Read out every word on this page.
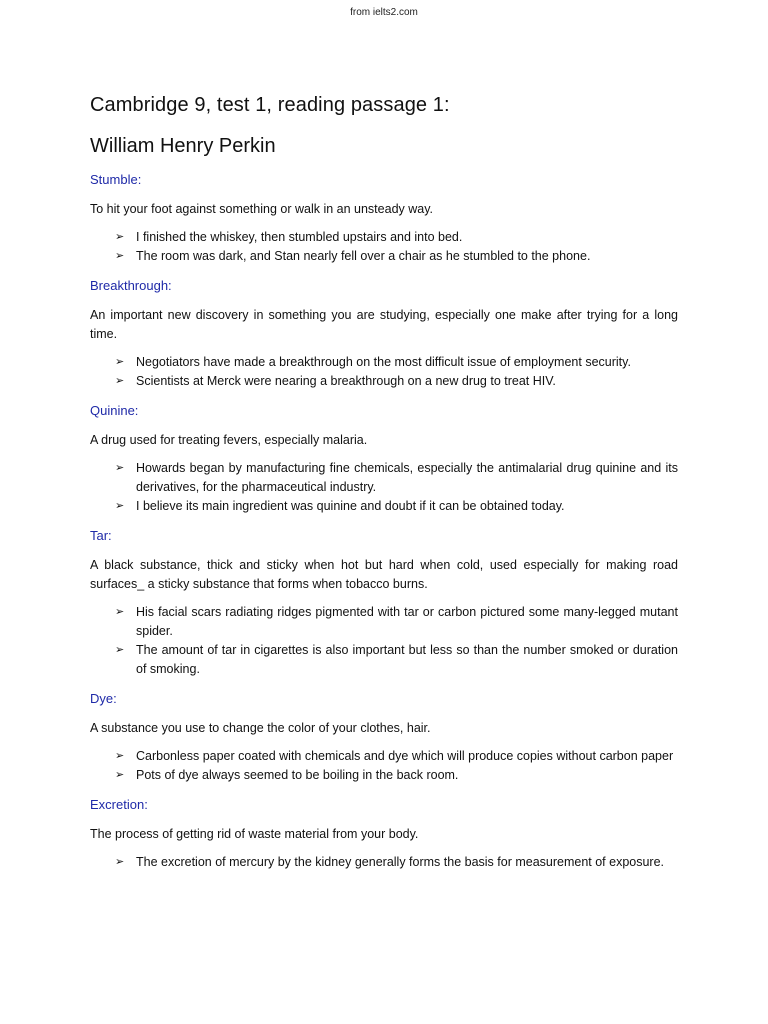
from ielts2.com
Cambridge 9, test 1, reading passage 1:
William Henry Perkin
Stumble:

To hit your foot against something or walk in an unsteady way.

➢ I finished the whiskey, then stumbled upstairs and into bed.
➢ The room was dark, and Stan nearly fell over a chair as he stumbled to the phone.
Breakthrough:

An important new discovery in something you are studying, especially one make after trying for a long time.

➢ Negotiators have made a breakthrough on the most difficult issue of employment security.
➢ Scientists at Merck were nearing a breakthrough on a new drug to treat HIV.
Quinine:

A drug used for treating fevers, especially malaria.

➢ Howards began by manufacturing fine chemicals, especially the antimalarial drug quinine and its derivatives, for the pharmaceutical industry.
➢ I believe its main ingredient was quinine and doubt if it can be obtained today.
Tar:

A black substance, thick and sticky when hot but hard when cold, used especially for making road surfaces_ a sticky substance that forms when tobacco burns.

➢ His facial scars radiating ridges pigmented with tar or carbon pictured some many-legged mutant spider.
➢ The amount of tar in cigarettes is also important but less so than the number smoked or duration of smoking.
Dye:

A substance you use to change the color of your clothes, hair.

➢ Carbonless paper coated with chemicals and dye which will produce copies without carbon paper
➢ Pots of dye always seemed to be boiling in the back room.
Excretion:

The process of getting rid of waste material from your body.

➢ The excretion of mercury by the kidney generally forms the basis for measurement of exposure.
